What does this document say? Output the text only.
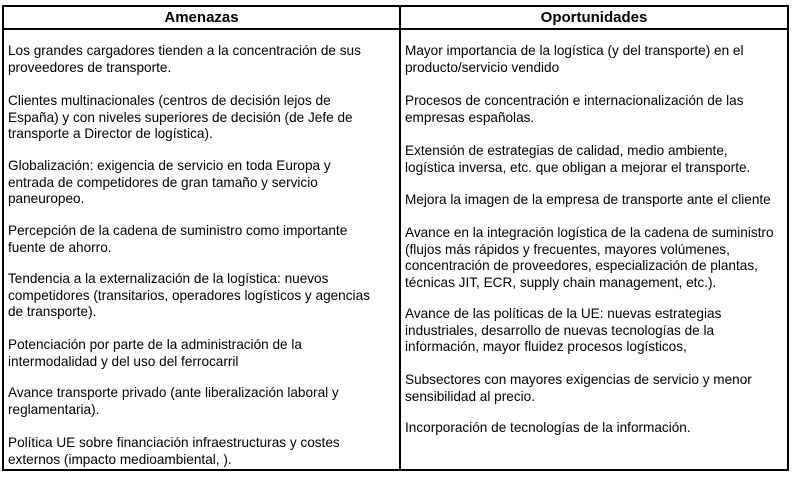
Amenazas
Los grandes cargadores tienden a la concentración de sus
proveedores de transporte.
Clientes multinacionales (centros de decisión lejos de
España) y con niveles superiores de decisión (de Jefe de
transporte a Director de logística).
Globalización: exigencia de servicio en toda Europa y
entrada de competidores de gran tamaño y servicio
paneuropeo.
Percepción de la cadena de suministro como importante
fuente de ahorro.
Tendencia a la externalización de la logística: nuevos
competidores (transitarios, operadores logísticos y agencias
de transporte).
Potenciación por parte de la administración de la
intermodalidad y del uso del ferrocarril
Avance transporte privado (ante liberalización laboral y
reglamentaria).
Política UE sobre financiación infraestructuras y costes
externos (impacto medioambiental, ).
Oportunidades
Mayor importancia de la logística (y del transporte) en el
producto/servicio vendido
Procesos de concentración e internacionalización de las
empresas españolas.
Extensión de estrategias de calidad, medio ambiente,
logística inversa, etc. que obligan a mejorar el transporte.
Mejora la imagen de la empresa de transporte ante el cliente
Avance en la integración logística de la cadena de suministro
(flujos más rápidos y frecuentes, mayores volúmenes,
concentración de proveedores, especialización de plantas,
técnicas JIT, ECR, supply chain management, etc.).
Avance de las políticas de la UE: nuevas estrategias
industriales, desarrollo de nuevas tecnologías de la
información, mayor fluidez procesos logísticos,
Subsectores con mayores exigencias de servicio y menor
sensibilidad al precio.
Incorporación de tecnologías de la información.
